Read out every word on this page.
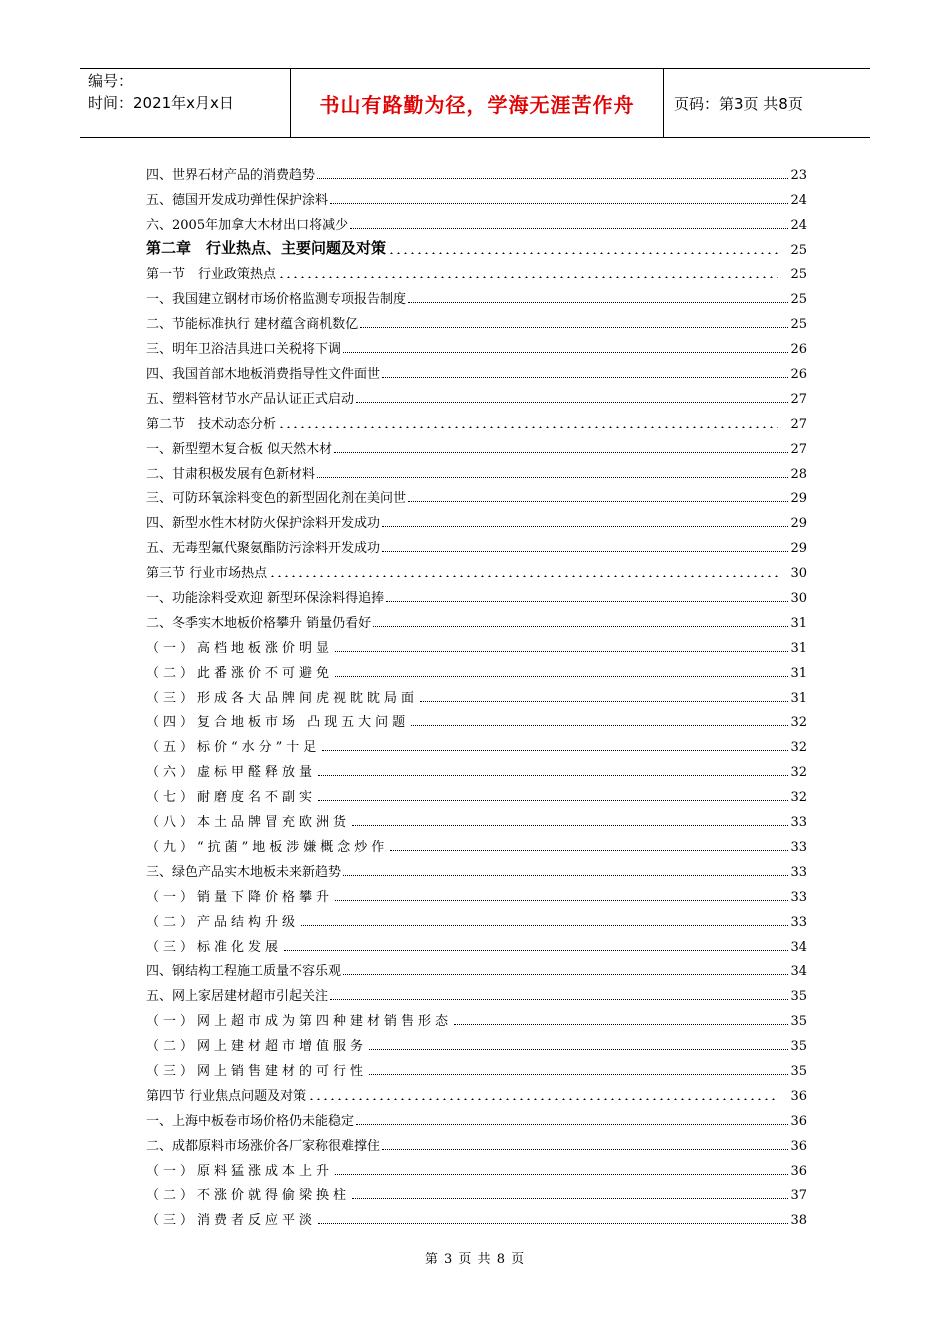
编号：
时间：2021年x月x日	书山有路勤为径，学海无涯苦作舟	页码：第3页 共8页
四、世界石材产品的消费趋势	23
五、德国开发成功弹性保护涂料	24
六、2005年加拿大木材出口将减少	24
第二章　行业热点、主要问题及对策	25
第一节　行业政策热点	25
一、我国建立钢材市场价格监测专项报告制度	25
二、节能标准执行 建材蕴含商机数亿	25
三、明年卫浴洁具进口关税将下调	26
四、我国首部木地板消费指导性文件面世	26
五、塑料管材节水产品认证正式启动	27
第二节　技术动态分析	27
一、新型塑木复合板 似天然木材	27
二、甘肃积极发展有色新材料	28
三、可防环氧涂料变色的新型固化剂在美问世	29
四、新型水性木材防火保护涂料开发成功	29
五、无毒型氟代聚氨酯防污涂料开发成功	29
第三节 行业市场热点	30
一、功能涂料受欢迎 新型环保涂料得追捧	30
二、冬季实木地板价格攀升 销量仍看好	31
（一）高档地板涨价明显	31
（二）此番涨价不可避免	31
（三）形成各大品牌间虎视眈眈局面	31
（四）复合地板市场 凸现五大问题	32
（五）标价“水分”十足	32
（六）虚标甲醛释放量	32
（七）耐磨度名不副实	32
（八）本土品牌冒充欧洲货	33
（九）“抗菌”地板涉嫌概念炒作	33
三、绿色产品实木地板未来新趋势	33
（一）销量下降价格攀升	33
（二）产品结构升级	33
（三）标准化发展	34
四、钢结构工程施工质量不容乐观	34
五、网上家居建材超市引起关注	35
（一）网上超市成为第四种建材销售形态	35
（二）网上建材超市增值服务	35
（三）网上销售建材的可行性	35
第四节 行业焦点问题及对策	36
一、上海中板卷市场价格仍未能稳定	36
二、成都原料市场涨价各厂家称很难撑住	36
（一）原料猛涨成本上升	36
（二）不涨价就得偷梁换柱	37
（三）消费者反应平淡	38
第 3 页 共 8 页
